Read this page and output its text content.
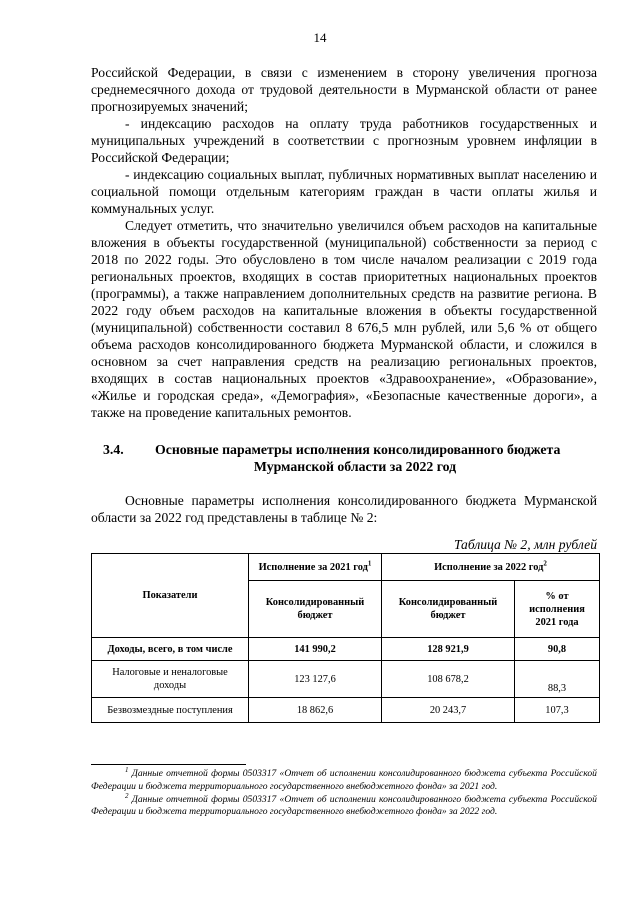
14

Российской Федерации, в связи с изменением в сторону увеличения прогноза среднемесячного дохода от трудовой деятельности в Мурманской области от ранее прогнозируемых значений;

- индексацию расходов на оплату труда работников государственных и муниципальных учреждений в соответствии с прогнозным уровнем инфляции в Российской Федерации;

- индексацию социальных выплат, публичных нормативных выплат населению и социальной помощи отдельным категориям граждан в части оплаты жилья и коммунальных услуг.

Следует отметить, что значительно увеличился объем расходов на капитальные вложения в объекты государственной (муниципальной) собственности за период с 2018 по 2022 годы. Это обусловлено в том числе началом реализации с 2019 года региональных проектов, входящих в состав приоритетных национальных проектов (программы), а также направлением дополнительных средств на развитие региона. В 2022 году объем расходов на капитальные вложения в объекты государственной (муниципальной) собственности составил 8 676,5 млн рублей, или 5,6 % от общего объема расходов консолидированного бюджета Мурманской области, и сложился в основном за счет направления средств на реализацию региональных проектов, входящих в состав национальных проектов «Здравоохранение», «Образование», «Жилье и городская среда», «Демография», «Безопасные качественные дороги», а также на проведение капитальных ремонтов.

3.4.	Основные параметры исполнения консолидированного бюджета
Мурманской области за 2022 год

Основные параметры исполнения консолидированного бюджета Мурманской области за 2022 год представлены в таблице № 2:

Таблица № 2, млн рублей
Показатели	Исполнение за 2021 год$^1$	Исполнение за 2022 год$^2$
	Консолидированный бюджет	Консолидированный бюджет	% от исполнения 2021 года
Доходы, всего, в том числе	141 990,2	128 921,9	90,8
Налоговые и неналоговые доходы	123 127,6	108 678,2	88,3
Безвозмездные поступления	18 862,6	20 243,7	107,3

$^1$ Данные отчетной формы 0503317 «Отчет об исполнении консолидированного бюджета субъекта Российской Федерации и бюджета территориального государственного внебюджетного фонда» за 2021 год.

$^2$ Данные отчетной формы 0503317 «Отчет об исполнении консолидированного бюджета субъекта Российской Федерации и бюджета территориального государственного внебюджетного фонда» за 2022 год.
